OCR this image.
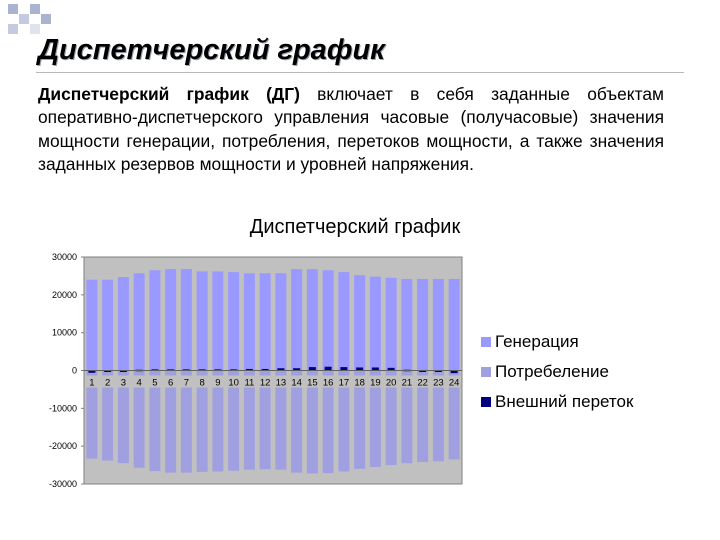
Диспетчерский график
Диспетчерский график (ДГ) включает в себя заданные объектам оперативно-диспетчерского управления часовые (получасовые) значения мощности генерации, потребления, перетоков мощности, а также значения заданных резервов мощности и уровней напряжения.
Диспетчерский график
30000
20000
10000
0
-10000
-20000
-30000
1 2 3 4 5 6 7 8 9 10 11 12 13 14 15 16 17 18 19 20 21 22 23 24
Генерация
Потребеление
Внешний переток
